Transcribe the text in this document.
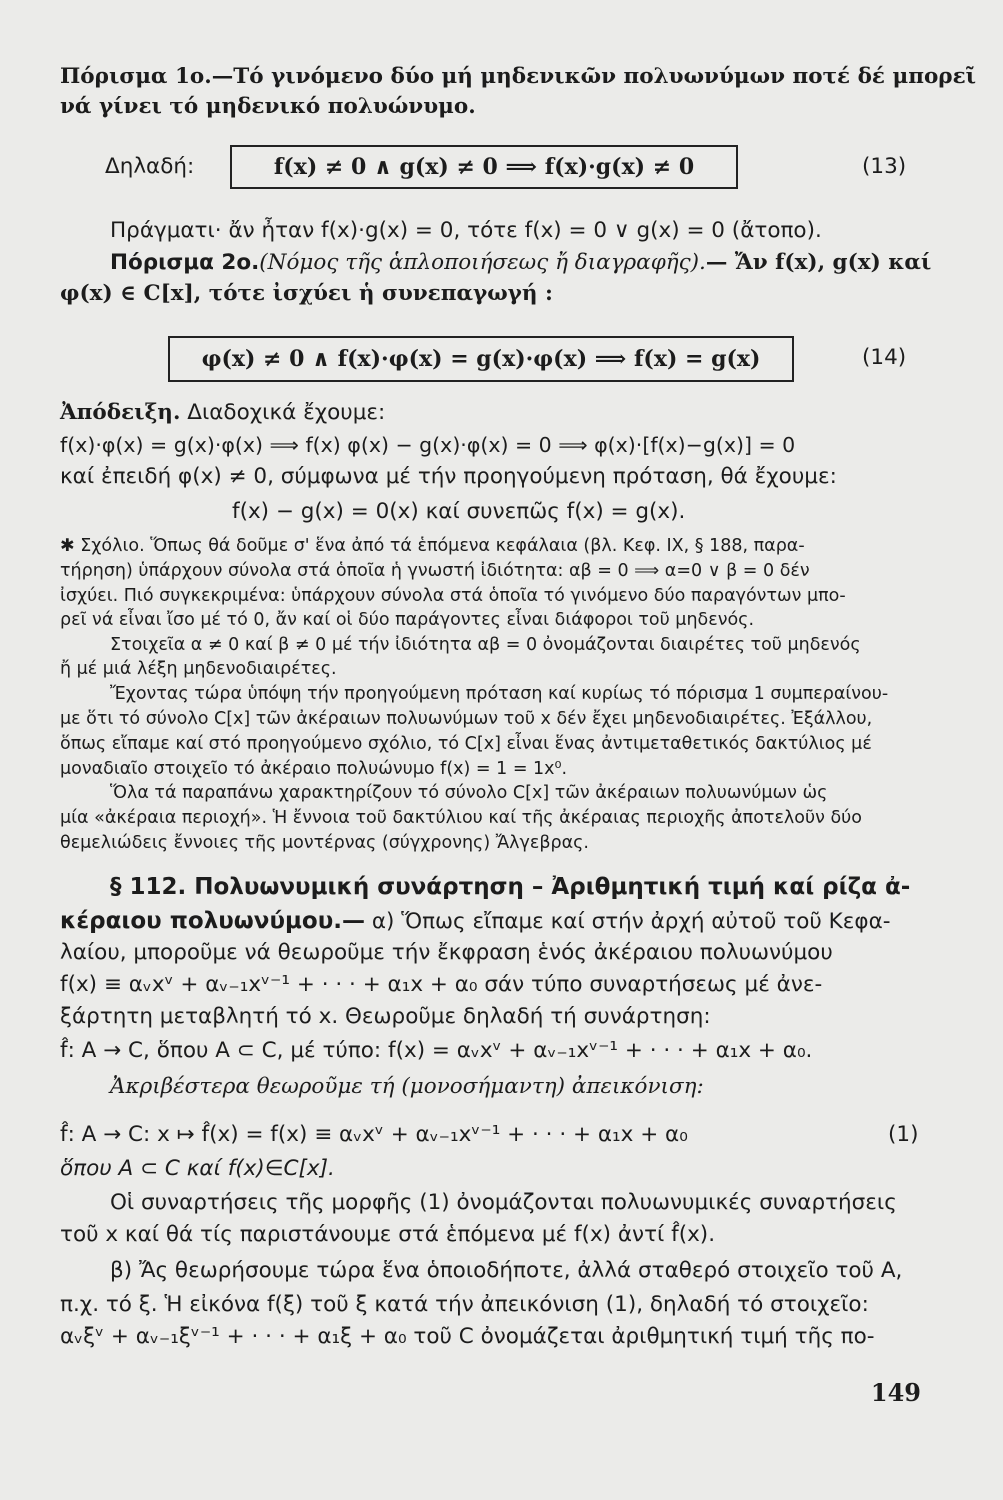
Πόρισμα 1ο.—Τό γινόμενο δύο μή μηδενικῶν πολυωνύμων ποτέ δέ μπορεῖ
νά γίνει τό μηδενικό πολυώνυμο.
Δηλαδή:	f(x) ≠ 0 ∧ g(x) ≠ 0 ⟹ f(x)·g(x) ≠ 0	(13)
Πράγματι· ἄν ἦταν f(x)·g(x) = 0, τότε f(x) = 0 ∨ g(x) = 0 (ἄτοπο).
Πόρισμα 2ο.(Νόμος τῆς ἁπλοποιήσεως ἤ διαγραφῆς).— Ἄν f(x), g(x) καί
φ(x) ∈ C[x], τότε ἰσχύει ἡ συνεπαγωγή :
φ(x) ≠ 0 ∧ f(x)·φ(x) = g(x)·φ(x) ⟹ f(x) = g(x)	(14)
Ἀπόδειξη. Διαδοχικά ἔχουμε:
f(x)·φ(x) = g(x)·φ(x) ⟹ f(x) φ(x) − g(x)·φ(x) = 0 ⟹ φ(x)·[f(x)−g(x)] = 0
καί ἐπειδή φ(x) ≠ 0, σύμφωνα μέ τήν προηγούμενη πρόταση, θά ἔχουμε:
f(x) − g(x) = 0(x) καί συνεπῶς f(x) = g(x).
✱ Σχόλιο. Ὅπως θά δοῦμε σ' ἕνα ἀπό τά ἑπόμενα κεφάλαια (βλ. Κεφ. IX, § 188, παρα-
τήρηση) ὑπάρχουν σύνολα στά ὁποῖα ἡ γνωστή ἰδιότητα: αβ = 0 ⟹ α=0 ∨ β = 0 δέν
ἰσχύει. Πιό συγκεκριμένα: ὑπάρχουν σύνολα στά ὁποῖα τό γινόμενο δύο παραγόντων μπο-
ρεῖ νά εἶναι ἴσο μέ τό 0, ἄν καί οἱ δύο παράγοντες εἶναι διάφοροι τοῦ μηδενός.
Στοιχεῖα α ≠ 0 καί β ≠ 0 μέ τήν ἰδιότητα αβ = 0 ὀνομάζονται διαιρέτες τοῦ μηδενός
ἤ μέ μιά λέξη μηδενοδιαιρέτες.
Ἔχοντας τώρα ὑπόψη τήν προηγούμενη πρόταση καί κυρίως τό πόρισμα 1 συμπεραίνου-
με ὅτι τό σύνολο C[x] τῶν ἀκέραιων πολυωνύμων τοῦ x δέν ἔχει μηδενοδιαιρέτες. Ἐξάλλου,
ὅπως εἴπαμε καί στό προηγούμενο σχόλιο, τό C[x] εἶναι ἕνας ἀντιμεταθετικός δακτύλιος μέ
μοναδιαῖο στοιχεῖο τό ἀκέραιο πολυώνυμο f(x) = 1 = 1x⁰.
Ὅλα τά παραπάνω χαρακτηρίζουν τό σύνολο C[x] τῶν ἀκέραιων πολυωνύμων ὡς
μία «ἀκέραια περιοχή». Ἡ ἔννοια τοῦ δακτύλιου καί τῆς ἀκέραιας περιοχῆς ἀποτελοῦν δύο
θεμελιώδεις ἔννοιες τῆς μοντέρνας (σύγχρονης) Ἄλγεβρας.
§ 112. Πολυωνυμική συνάρτηση – Ἀριθμητική τιμή καί ρίζα ἀ-
κέραιου πολυωνύμου.— α) Ὅπως εἴπαμε καί στήν ἀρχή αὐτοῦ τοῦ Κεφα-
λαίου, μποροῦμε νά θεωροῦμε τήν ἔκφραση ἑνός ἀκέραιου πολυωνύμου
f(x) ≡ αᵥxᵛ + αᵥ₋₁xᵛ⁻¹ + · · · + α₁x + α₀ σάν τύπο συναρτήσεως μέ ἀνε-
ξάρτητη μεταβλητή τό x. Θεωροῦμε δηλαδή τή συνάρτηση:
f̂: A → C, ὅπου A ⊂ C, μέ τύπο: f(x) = αᵥxᵛ + αᵥ₋₁xᵛ⁻¹ + · · · + α₁x + α₀.
Ἀκριβέστερα θεωροῦμε τή (μονοσήμαντη) ἀπεικόνιση:
f̂: A → C: x ↦ f̂(x) = f(x) ≡ αᵥxᵛ + αᵥ₋₁xᵛ⁻¹ + · · · + α₁x + α₀	(1)
ὅπου A ⊂ C καί f(x)∈C[x].
Οἱ συναρτήσεις τῆς μορφῆς (1) ὀνομάζονται πολυωνυμικές συναρτήσεις
τοῦ x καί θά τίς παριστάνουμε στά ἑπόμενα μέ f(x) ἀντί f̂(x).
β) Ἄς θεωρήσουμε τώρα ἕνα ὁποιοδήποτε, ἀλλά σταθερό στοιχεῖο τοῦ A,
π.χ. τό ξ. Ἡ εἰκόνα f(ξ) τοῦ ξ κατά τήν ἀπεικόνιση (1), δηλαδή τό στοιχεῖο:
αᵥξᵛ + αᵥ₋₁ξᵛ⁻¹ + · · · + α₁ξ + α₀ τοῦ C ὀνομάζεται ἀριθμητική τιμή τῆς πο-
149
